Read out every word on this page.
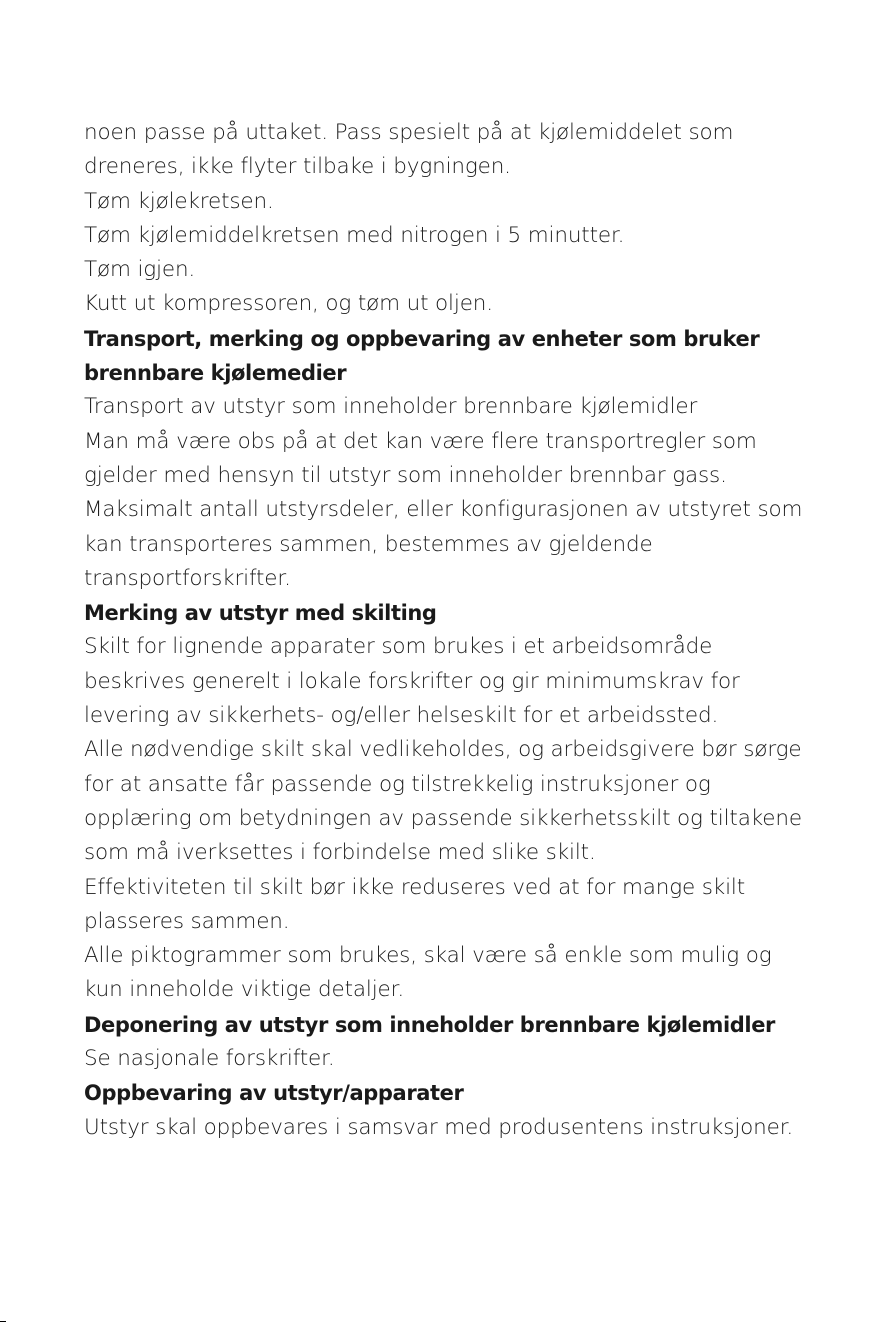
noen passe på uttaket. Pass spesielt på at kjølemiddelet som
dreneres, ikke flyter tilbake i bygningen.
Tøm kjølekretsen.
Tøm kjølemiddelkretsen med nitrogen i 5 minutter.
Tøm igjen.
Kutt ut kompressoren, og tøm ut oljen.
Transport, merking og oppbevaring av enheter som bruker
brennbare kjølemedier
Transport av utstyr som inneholder brennbare kjølemidler
Man må være obs på at det kan være flere transportregler som
gjelder med hensyn til utstyr som inneholder brennbar gass.
Maksimalt antall utstyrsdeler, eller konfigurasjonen av utstyret som
kan transporteres sammen, bestemmes av gjeldende
transportforskrifter.
Merking av utstyr med skilting
Skilt for lignende apparater som brukes i et arbeidsområde
beskrives generelt i lokale forskrifter og gir minimumskrav for
levering av sikkerhets- og/eller helseskilt for et arbeidssted.
Alle nødvendige skilt skal vedlikeholdes, og arbeidsgivere bør sørge
for at ansatte får passende og tilstrekkelig instruksjoner og
opplæring om betydningen av passende sikkerhetsskilt og tiltakene
som må iverksettes i forbindelse med slike skilt.
Effektiviteten til skilt bør ikke reduseres ved at for mange skilt
plasseres sammen.
Alle piktogrammer som brukes, skal være så enkle som mulig og
kun inneholde viktige detaljer.
Deponering av utstyr som inneholder brennbare kjølemidler
Se nasjonale forskrifter.
Oppbevaring av utstyr/apparater
Utstyr skal oppbevares i samsvar med produsentens instruksjoner.
